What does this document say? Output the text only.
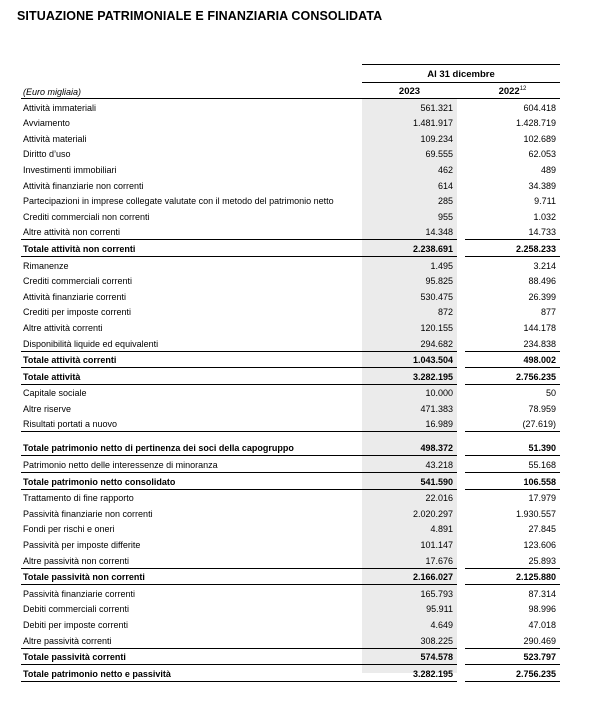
SITUAZIONE PATRIMONIALE E FINANZIARIA CONSOLIDATA
Al 31 dicembre
2023	2022$^{12}$
(Euro migliaia)
Attività immateriali	561.321		604.418
Avviamento	1.481.917		1.428.719
Attività materiali	109.234		102.689
Diritto d’uso	69.555		62.053
Investimenti immobiliari	462		489
Attività finanziarie non correnti	614		34.389
Partecipazioni in imprese collegate valutate con il metodo del patrimonio netto	285		9.711
Crediti commerciali non correnti	955		1.032
Altre attività non correnti	14.348		14.733
Totale attività non correnti	2.238.691		2.258.233
Rimanenze	1.495		3.214
Crediti commerciali correnti	95.825		88.496
Attività finanziarie correnti	530.475		26.399
Crediti per imposte correnti	872		877
Altre attività correnti	120.155		144.178
Disponibilità liquide ed equivalenti	294.682		234.838
Totale attività correnti	1.043.504		498.002
Totale attività	3.282.195		2.756.235
Capitale sociale	10.000		50
Altre riserve	471.383		78.959
Risultati portati a nuovo	16.989		(27.619)
Totale patrimonio netto di pertinenza dei soci della capogruppo	498.372		51.390
Patrimonio netto delle interessenze di minoranza	43.218		55.168
Totale patrimonio netto consolidato	541.590		106.558
Trattamento di fine rapporto	22.016		17.979
Passività finanziarie non correnti	2.020.297		1.930.557
Fondi per rischi e oneri	4.891		27.845
Passività per imposte differite	101.147		123.606
Altre passività non correnti	17.676		25.893
Totale passività non correnti	2.166.027		2.125.880
Passività finanziarie correnti	165.793		87.314
Debiti commerciali correnti	95.911		98.996
Debiti per imposte correnti	4.649		47.018
Altre passività correnti	308.225		290.469
Totale passività correnti	574.578		523.797
Totale patrimonio netto e passività	3.282.195		2.756.235
